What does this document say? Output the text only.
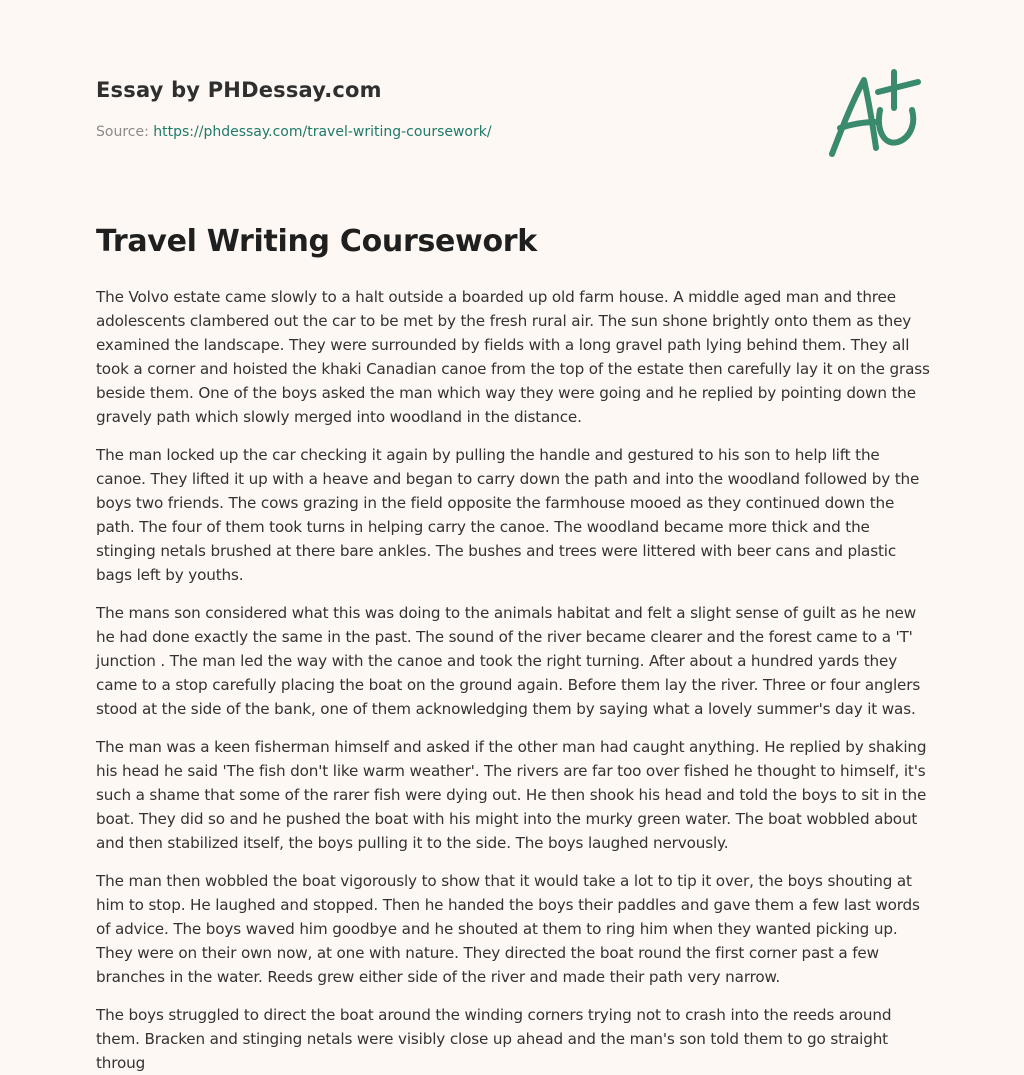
Essay by PHDessay.com
Source: https://phdessay.com/travel-writing-coursework/
Travel Writing Coursework

The Volvo estate came slowly to a halt outside a boarded up old farm house. A middle aged man and three adolescents clambered out the car to be met by the fresh rural air. The sun shone brightly onto them as they examined the landscape. They were surrounded by fields with a long gravel path lying behind them. They all took a corner and hoisted the khaki Canadian canoe from the top of the estate then carefully lay it on the grass beside them. One of the boys asked the man which way they were going and he replied by pointing down the gravely path which slowly merged into woodland in the distance.

The man locked up the car checking it again by pulling the handle and gestured to his son to help lift the canoe. They lifted it up with a heave and began to carry down the path and into the woodland followed by the boys two friends. The cows grazing in the field opposite the farmhouse mooed as they continued down the path. The four of them took turns in helping carry the canoe. The woodland became more thick and the stinging netals brushed at there bare ankles. The bushes and trees were littered with beer cans and plastic bags left by youths.

The mans son considered what this was doing to the animals habitat and felt a slight sense of guilt as he new he had done exactly the same in the past. The sound of the river became clearer and the forest came to a 'T' junction . The man led the way with the canoe and took the right turning. After about a hundred yards they came to a stop carefully placing the boat on the ground again. Before them lay the river. Three or four anglers stood at the side of the bank, one of them acknowledging them by saying what a lovely summer's day it was.

The man was a keen fisherman himself and asked if the other man had caught anything. He replied by shaking his head he said 'The fish don't like warm weather'. The rivers are far too over fished he thought to himself, it's such a shame that some of the rarer fish were dying out. He then shook his head and told the boys to sit in the boat. They did so and he pushed the boat with his might into the murky green water. The boat wobbled about and then stabilized itself, the boys pulling it to the side. The boys laughed nervously.

The man then wobbled the boat vigorously to show that it would take a lot to tip it over, the boys shouting at him to stop. He laughed and stopped. Then he handed the boys their paddles and gave them a few last words of advice. The boys waved him goodbye and he shouted at them to ring him when they wanted picking up. They were on their own now, at one with nature. They directed the boat round the first corner past a few branches in the water. Reeds grew either side of the river and made their path very narrow.

The boys struggled to direct the boat around the winding corners trying not to crash into the reeds around them. Bracken and stinging netals were visibly close up ahead and the man's son told them to go straight throug
